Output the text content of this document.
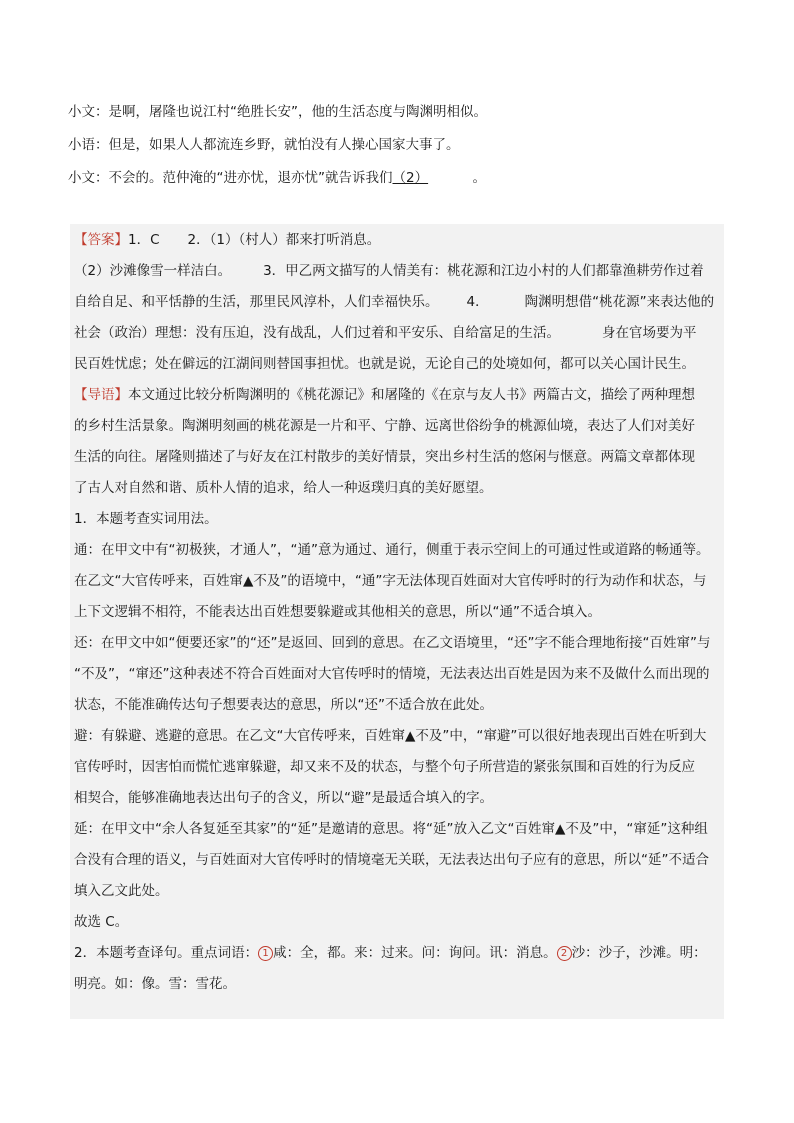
小文：是啊，屠隆也说江村“绝胜长安”，他的生活态度与陶渊明相似。
小语：但是，如果人人都流连乡野，就怕没有人操心国家大事了。
小文：不会的。范仲淹的“进亦忧，退亦忧”就告诉我们（2）	。
【答案】1．C 2．（1）（村人）都来打听消息。
（2）沙滩像雪一样洁白。 3．甲乙两文描写的人情美有：桃花源和江边小村的人们都靠渔耕劳作过着
自给自足、和平恬静的生活，那里民风淳朴，人们幸福快乐。 4．	陶渊明想借“桃花源”来表达他的
社会（政治）理想：没有压迫，没有战乱，人们过着和平安乐、自给富足的生活。	身在官场要为平
民百姓忧虑；处在僻远的江湖间则替国事担忧。也就是说，无论自己的处境如何，都可以关心国计民生。
【导语】本文通过比较分析陶渊明的《桃花源记》和屠隆的《在京与友人书》两篇古文，描绘了两种理想
的乡村生活景象。陶渊明刻画的桃花源是一片和平、宁静、远离世俗纷争的桃源仙境，表达了人们对美好
生活的向往。屠隆则描述了与好友在江村散步的美好情景，突出乡村生活的悠闲与惬意。两篇文章都体现
了古人对自然和谐、质朴人情的追求，给人一种返璞归真的美好愿望。
1．本题考查实词用法。
通：在甲文中有“初极狭，才通人”，“通”意为通过、通行，侧重于表示空间上的可通过性或道路的畅通等。
在乙文“大官传呼来，百姓窜▲不及”的语境中，“通”字无法体现百姓面对大官传呼时的行为动作和状态，与
上下文逻辑不相符，不能表达出百姓想要躲避或其他相关的意思，所以“通”不适合填入。
还：在甲文中如“便要还家”的“还”是返回、回到的意思。在乙文语境里，“还”字不能合理地衔接“百姓窜”与
“不及”，“窜还”这种表述不符合百姓面对大官传呼时的情境，无法表达出百姓是因为来不及做什么而出现的
状态，不能准确传达句子想要表达的意思，所以“还”不适合放在此处。
避：有躲避、逃避的意思。在乙文“大官传呼来，百姓窜▲不及”中，“窜避”可以很好地表现出百姓在听到大
官传呼时，因害怕而慌忙逃窜躲避，却又来不及的状态，与整个句子所营造的紧张氛围和百姓的行为反应
相契合，能够准确地表达出句子的含义，所以“避”是最适合填入的字。
延：在甲文中“余人各复延至其家”的“延”是邀请的意思。将“延”放入乙文“百姓窜▲不及”中，“窜延”这种组
合没有合理的语义，与百姓面对大官传呼时的情境毫无关联，无法表达出句子应有的意思，所以“延”不适合
填入乙文此处。
故选 C。
2．本题考查译句。重点词语： 1 咸：全，都。来：过来。问：询问。讯：消息。 2 沙：沙子，沙滩。明：
明亮。如：像。雪：雪花。
